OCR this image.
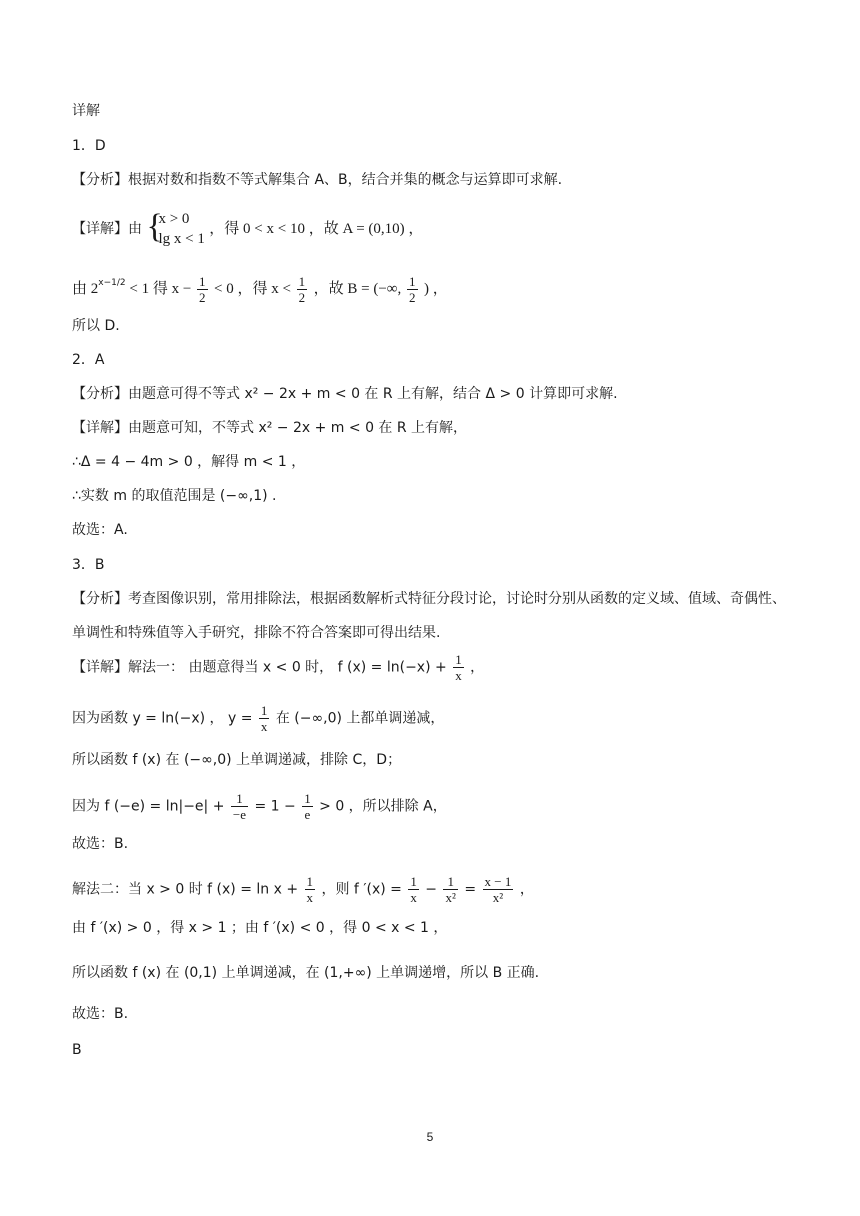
详解
1．D
【分析】根据对数和指数不等式解集合 A、B，结合并集的概念与运算即可求解.
【详解】由 {
x > 0
lg x < 1
，得 0 < x < 10 ，故 A = (0,10) ，
由 $2^{x-1/2} < 1$ 得 $x - \frac{1}{2} < 0$ ，得 $x < \frac{1}{2}$ ，故 B = (−∞, $\frac{1}{2}$ ) ，
所以 D.
2．A
【分析】由题意可得不等式 x² − 2x + m < 0 在 R 上有解，结合 Δ > 0 计算即可求解.
【详解】由题意可知，不等式 x² − 2x + m < 0 在 R 上有解，
∴Δ = 4 − 4m > 0 ，解得 m < 1 ，
∴实数 m 的取值范围是 (−∞,1) .
故选：A.
3．B
【分析】考查图像识别，常用排除法，根据函数解析式特征分段讨论，讨论时分别从函数的定义域、值域、奇偶性、单调性和特殊值等入手研究，排除不符合答案即可得出结果.
【详解】解法一： 由题意得当 x < 0 时， f $(x) = \ln(-x) + \frac{1}{x}$ ，
因为函数 y = ln(−x) ， $y = \frac{1}{x}$ 在 (−∞,0) 上都单调递减，
所以函数 f (x) 在 (−∞,0) 上单调递减，排除 C，D；
因为 f $(-e) = \ln|-e| + \frac{1}{-e} = 1 - \frac{1}{e} > 0$ ，所以排除 A，
故选：B.
解法二：当 x > 0 时 f $(x) = \ln x + \frac{1}{x}$ ，则 f $'(x) = \frac{1}{x} - \frac{1}{\text{x²}} = \frac{x - 1}{\text{x²}}$ ，
由 f ′(x) > 0 ，得 x > 1 ；由 f ′(x) < 0 ，得 0 < x < 1 ，
所以函数 f (x) 在 (0,1) 上单调递减，在 (1,+∞) 上单调递增，所以 B 正确.
故选：B.
B
5
